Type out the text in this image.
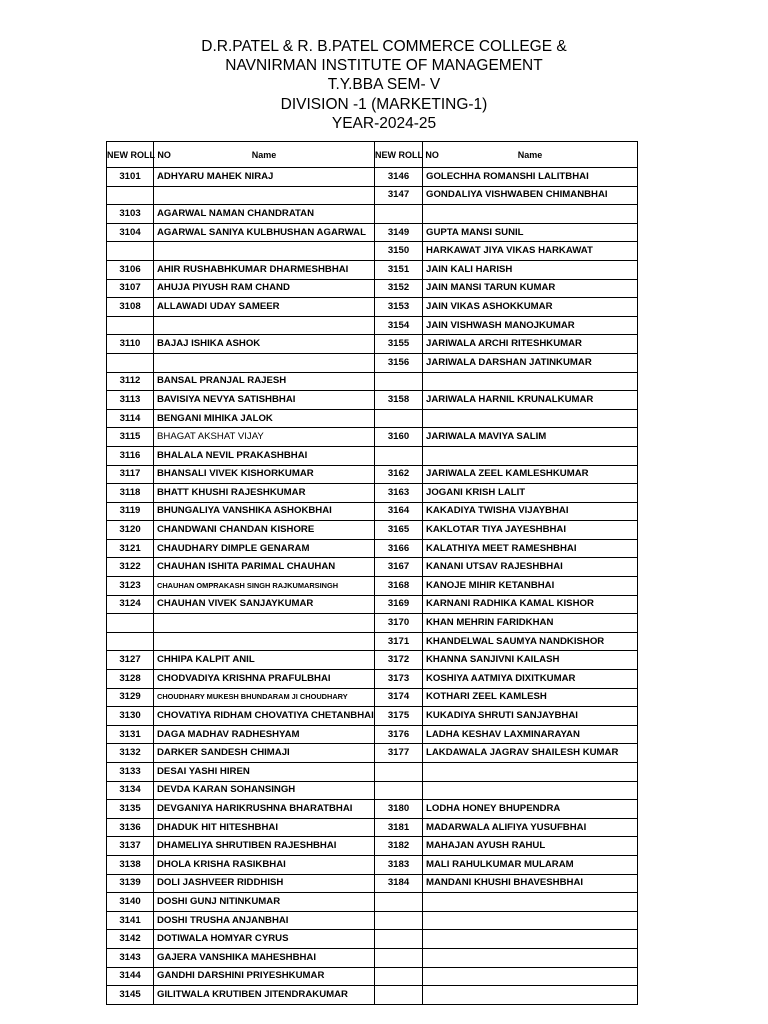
D.R.PATEL & R. B.PATEL COMMERCE COLLEGE &
NAVNIRMAN INSTITUTE OF MANAGEMENT
T.Y.BBA SEM- V
DIVISION -1 (MARKETING-1)
YEAR-2024-25
NEW ROLL NO	Name	NEW ROLL NO	Name
3101	ADHYARU MAHEK NIRAJ	3146	GOLECHHA ROMANSHI LALITBHAI
		3147	GONDALIYA VISHWABEN CHIMANBHAI
3103	AGARWAL NAMAN CHANDRATAN		
3104	AGARWAL SANIYA KULBHUSHAN AGARWAL	3149	GUPTA MANSI SUNIL
		3150	HARKAWAT JIYA VIKAS HARKAWAT
3106	AHIR RUSHABHKUMAR DHARMESHBHAI	3151	JAIN KALI HARISH
3107	AHUJA PIYUSH RAM CHAND	3152	JAIN MANSI TARUN KUMAR
3108	ALLAWADI UDAY SAMEER	3153	JAIN VIKAS ASHOKKUMAR
		3154	JAIN VISHWASH MANOJKUMAR
3110	BAJAJ ISHIKA ASHOK	3155	JARIWALA ARCHI RITESHKUMAR
		3156	JARIWALA DARSHAN JATINKUMAR
3112	BANSAL PRANJAL RAJESH		
3113	BAVISIYA NEVYA SATISHBHAI	3158	JARIWALA HARNIL KRUNALKUMAR
3114	BENGANI MIHIKA JALOK		
3115	BHAGAT AKSHAT VIJAY	3160	JARIWALA MAVIYA SALIM
3116	BHALALA NEVIL PRAKASHBHAI		
3117	BHANSALI VIVEK KISHORKUMAR	3162	JARIWALA ZEEL KAMLESHKUMAR
3118	BHATT KHUSHI RAJESHKUMAR	3163	JOGANI KRISH LALIT
3119	BHUNGALIYA VANSHIKA ASHOKBHAI	3164	KAKADIYA TWISHA VIJAYBHAI
3120	CHANDWANI CHANDAN KISHORE	3165	KAKLOTAR TIYA JAYESHBHAI
3121	CHAUDHARY DIMPLE GENARAM	3166	KALATHIYA MEET RAMESHBHAI
3122	CHAUHAN ISHITA PARIMAL CHAUHAN	3167	KANANI UTSAV RAJESHBHAI
3123	CHAUHAN OMPRAKASH SINGH RAJKUMARSINGH	3168	KANOJE MIHIR KETANBHAI
3124	CHAUHAN VIVEK SANJAYKUMAR	3169	KARNANI RADHIKA KAMAL KISHOR
		3170	KHAN MEHRIN FARIDKHAN
		3171	KHANDELWAL SAUMYA NANDKISHOR
3127	CHHIPA KALPIT ANIL	3172	KHANNA SANJIVNI KAILASH
3128	CHODVADIYA KRISHNA PRAFULBHAI	3173	KOSHIYA AATMIYA DIXITKUMAR
3129	CHOUDHARY MUKESH BHUNDARAM JI CHOUDHARY	3174	KOTHARI ZEEL KAMLESH
3130	CHOVATIYA RIDHAM CHOVATIYA CHETANBHAI	3175	KUKADIYA SHRUTI SANJAYBHAI
3131	DAGA MADHAV RADHESHYAM	3176	LADHA KESHAV LAXMINARAYAN
3132	DARKER SANDESH CHIMAJI	3177	LAKDAWALA JAGRAV SHAILESH KUMAR
3133	DESAI YASHI HIREN		
3134	DEVDA KARAN SOHANSINGH		
3135	DEVGANIYA HARIKRUSHNA BHARATBHAI	3180	LODHA HONEY BHUPENDRA
3136	DHADUK HIT HITESHBHAI	3181	MADARWALA ALIFIYA YUSUFBHAI
3137	DHAMELIYA SHRUTIBEN RAJESHBHAI	3182	MAHAJAN AYUSH RAHUL
3138	DHOLA KRISHA RASIKBHAI	3183	MALI RAHULKUMAR MULARAM
3139	DOLI JASHVEER RIDDHISH	3184	MANDANI KHUSHI BHAVESHBHAI
3140	DOSHI GUNJ NITINKUMAR		
3141	DOSHI TRUSHA ANJANBHAI		
3142	DOTIWALA HOMYAR CYRUS		
3143	GAJERA VANSHIKA MAHESHBHAI		
3144	GANDHI DARSHINI PRIYESHKUMAR		
3145	GILITWALA KRUTIBEN JITENDRAKUMAR		
